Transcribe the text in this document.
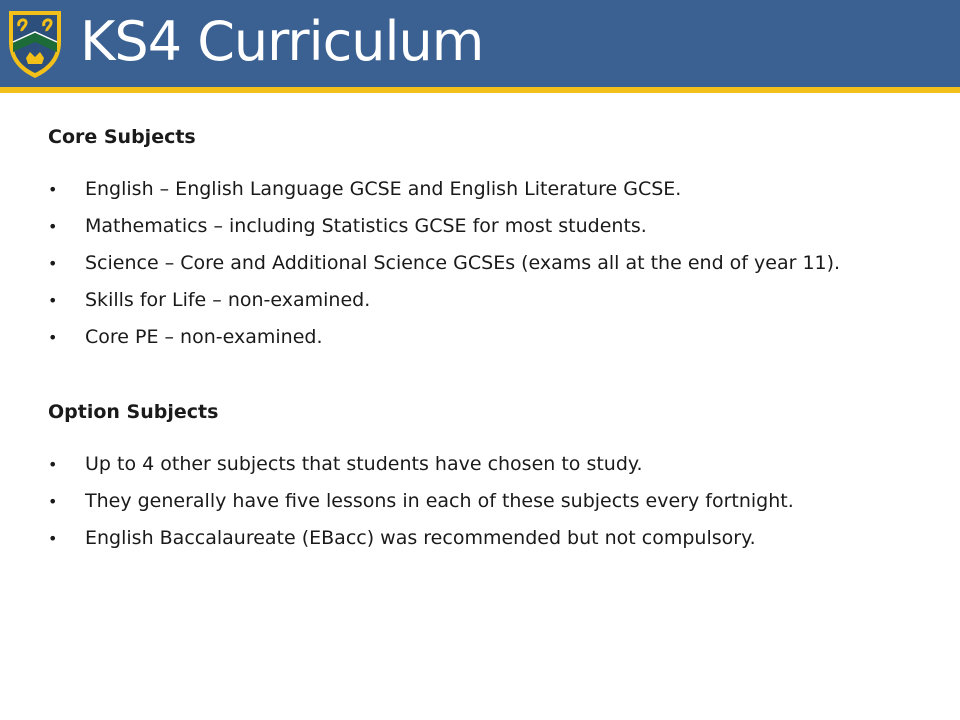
KS4 Curriculum

Core Subjects

• English – English Language GCSE and English Literature GCSE.
• Mathematics – including Statistics GCSE for most students.
• Science – Core and Additional Science GCSEs (exams all at the end of year 11).
• Skills for Life – non-examined.
• Core PE – non-examined.

Option Subjects

• Up to 4 other subjects that students have chosen to study.
• They generally have five lessons in each of these subjects every fortnight.
• English Baccalaureate (EBacc) was recommended but not compulsory.
